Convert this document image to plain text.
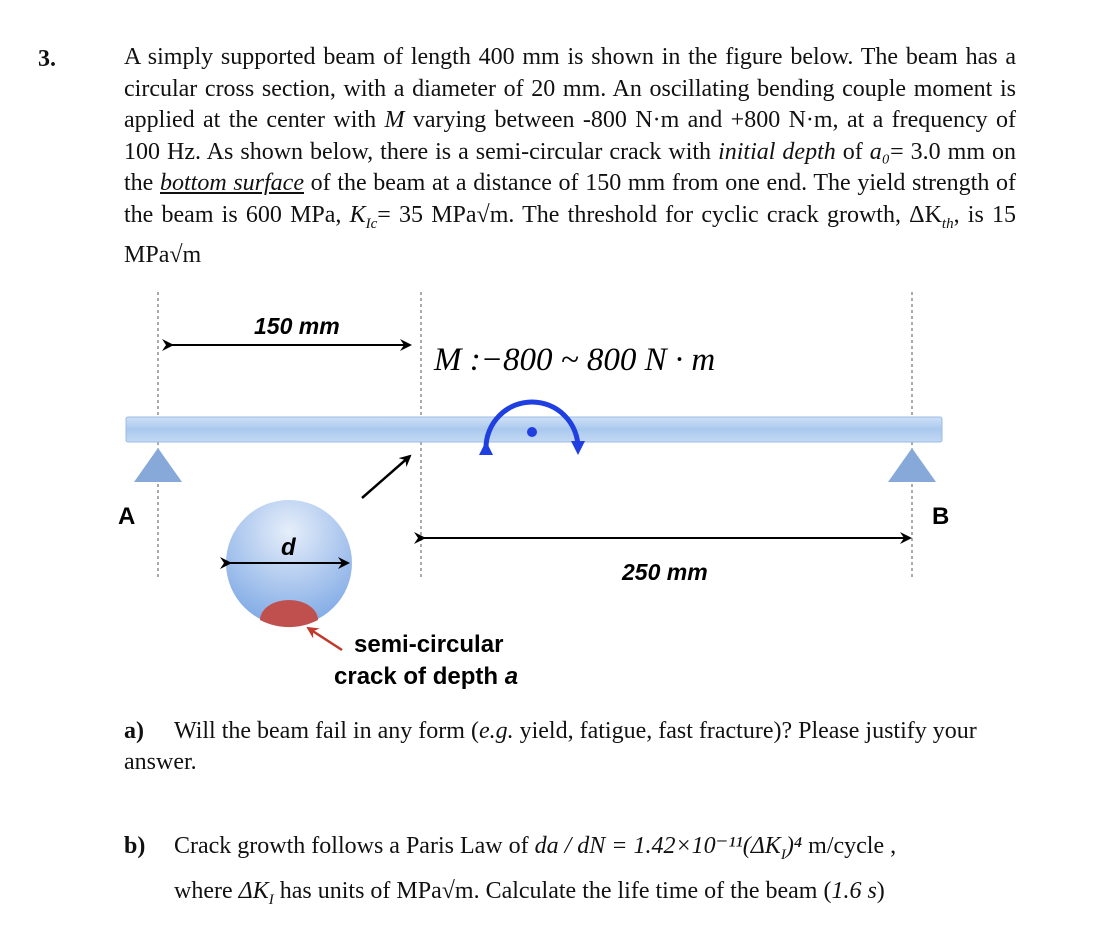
3.	A simply supported beam of length 400 mm is shown in the figure below. The beam has a circular cross section, with a diameter of 20 mm. An oscillating bending couple moment is applied at the center with M varying between -800 N·m and +800 N·m, at a frequency of 100 Hz. As shown below, there is a semi-circular crack with initial depth of a₀= 3.0 mm on the bottom surface of the beam at a distance of 150 mm from one end. The yield strength of the beam is 600 MPa, $K_{Ic}= 35$ MPa√m. The threshold for cyclic crack growth, $\Delta K_{th}$, is 15 MPa√m
150 mm
M :−800 ~ 800 N · m
A	B
d
250 mm
semi-circular
crack of depth a
a) Will the beam fail in any form (e.g. yield, fatigue, fast fracture)? Please justify your answer.
b) Crack growth follows a Paris Law of da / dN = $1.42\times 10^{-11}(\Delta K_I)^4$ m/cycle ,
where $\Delta K_I$ has units of MPa√m. Calculate the life time of the beam (1.6 s)
